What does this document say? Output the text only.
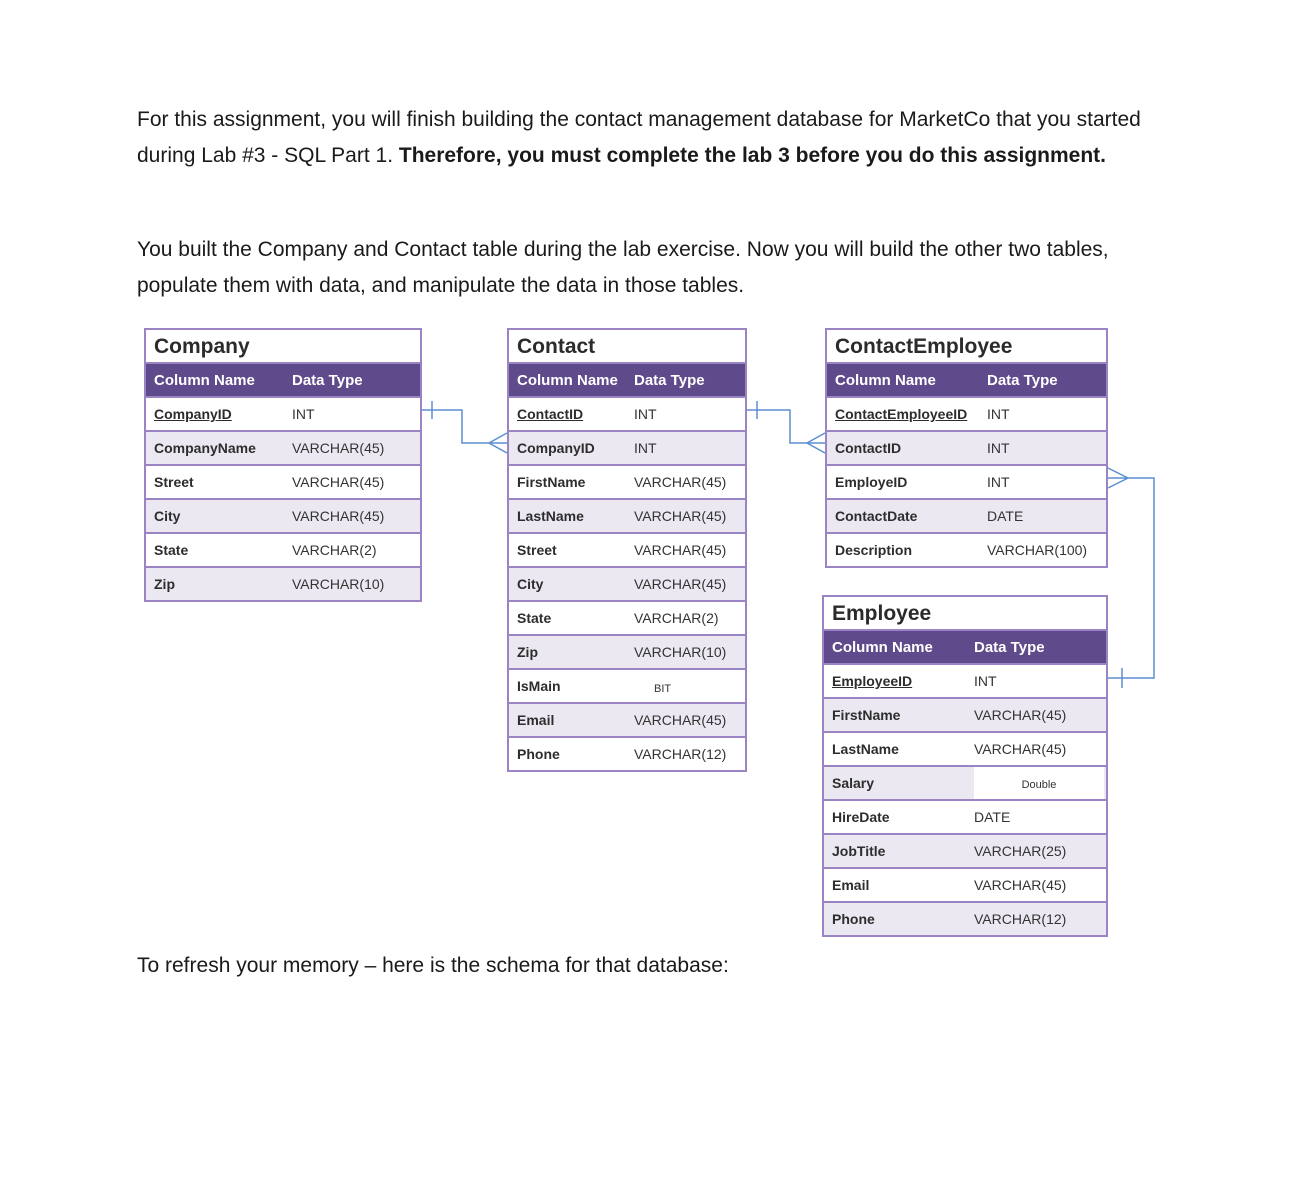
For this assignment, you will finish building the contact management database for MarketCo that you started during Lab #3 - SQL Part 1. Therefore, you must complete the lab 3 before you do this assignment.
You built the Company and Contact table during the lab exercise. Now you will build the other two tables, populate them with data, and manipulate the data in those tables.
Company
Column Name	Data Type
CompanyID	INT
CompanyName	VARCHAR(45)
Street	VARCHAR(45)
City	VARCHAR(45)
State	VARCHAR(2)
Zip	VARCHAR(10)
Contact
Column Name	Data Type
ContactID	INT
CompanyID	INT
FirstName	VARCHAR(45)
LastName	VARCHAR(45)
Street	VARCHAR(45)
City	VARCHAR(45)
State	VARCHAR(2)
Zip	VARCHAR(10)
IsMain	BIT
Email	VARCHAR(45)
Phone	VARCHAR(12)
ContactEmployee
Column Name	Data Type
ContactEmployeeID	INT
ContactID	INT
EmployeID	INT
ContactDate	DATE
Description	VARCHAR(100)
Employee
Column Name	Data Type
EmployeeID	INT
FirstName	VARCHAR(45)
LastName	VARCHAR(45)
Salary	Double
HireDate	DATE
JobTitle	VARCHAR(25)
Email	VARCHAR(45)
Phone	VARCHAR(12)
To refresh your memory – here is the schema for that database:
